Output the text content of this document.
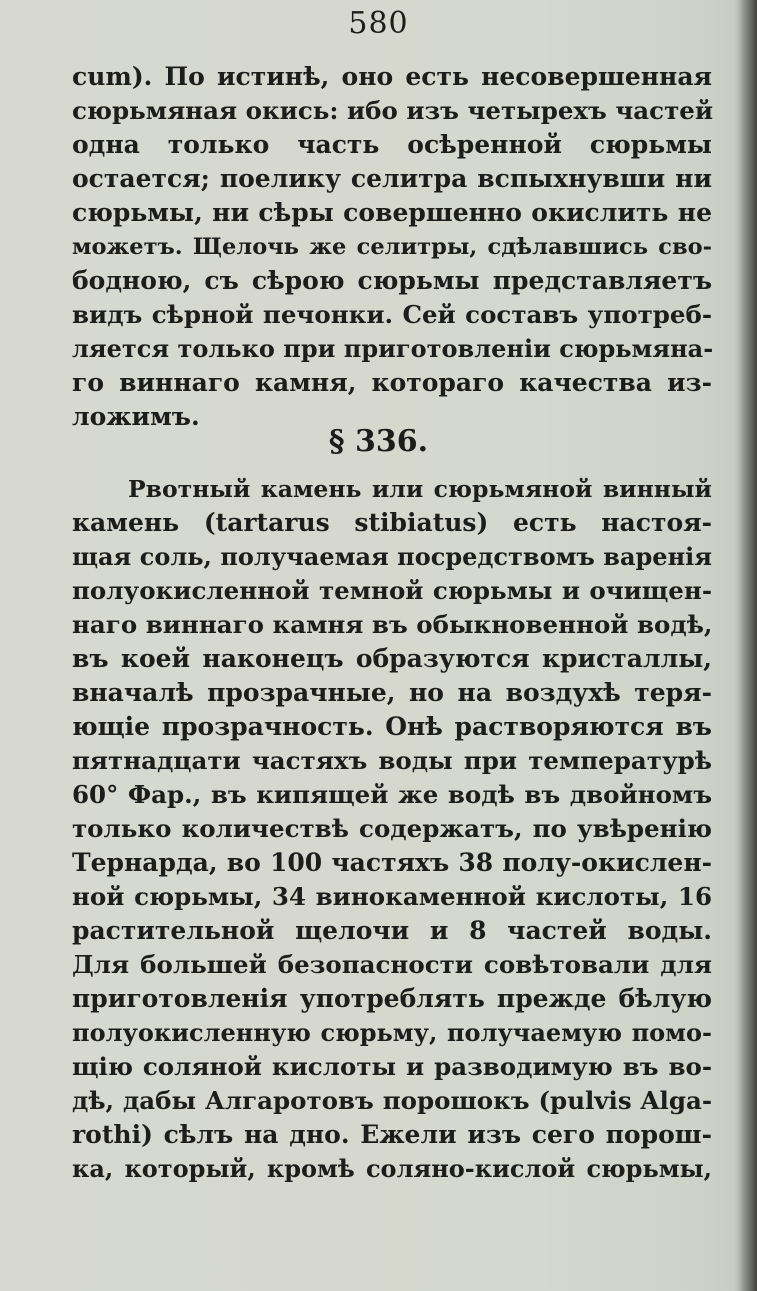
580
cum). По истинѣ, оно есть несовершенная
сюрьмяная окись: ибо изъ четырехъ частей
одна только часть осѣренной сюрьмы
остается; поелику селитра вспыхнувши ни
сюрьмы, ни сѣры совершенно окислить не
можетъ. Щелочь же селитры, сдѣлавшись сво-
бодною, съ сѣрою сюрьмы представляетъ
видъ сѣрной печонки. Сей составъ употреб-
ляется только при приготовленіи сюрьмяна-
го виннаго камня, котораго качества из-
ложимъ.
§ 336.
Рвотный камень или сюрьмяной винный
камень (tartarus stibiatus) есть настоя-
щая соль, получаемая посредствомъ варенія
полуокисленной темной сюрьмы и очищен-
наго виннаго камня въ обыкновенной водѣ,
въ коей наконецъ образуются кристаллы,
вначалѣ прозрачные, но на воздухѣ теря-
ющіе прозрачность. Онѣ растворяются въ
пятнадцати частяхъ воды при температурѣ
60° Фар., въ кипящей же водѣ въ двойномъ
только количествѣ содержатъ, по увѣренію
Тернарда, во 100 частяхъ 38 полу-окислен-
ной сюрьмы, 34 винокаменной кислоты, 16
растительной щелочи и 8 частей воды.
Для большей безопасности совѣтовали для
приготовленія употреблять прежде бѣлую
полуокисленную сюрьму, получаемую помо-
щію соляной кислоты и разводимую въ во-
дѣ, дабы Алгаротовъ порошокъ (pulvis Alga-
rothi) сѣлъ на дно. Ежели изъ сего порош-
ка, который, кромѣ соляно-кислой сюрьмы,
